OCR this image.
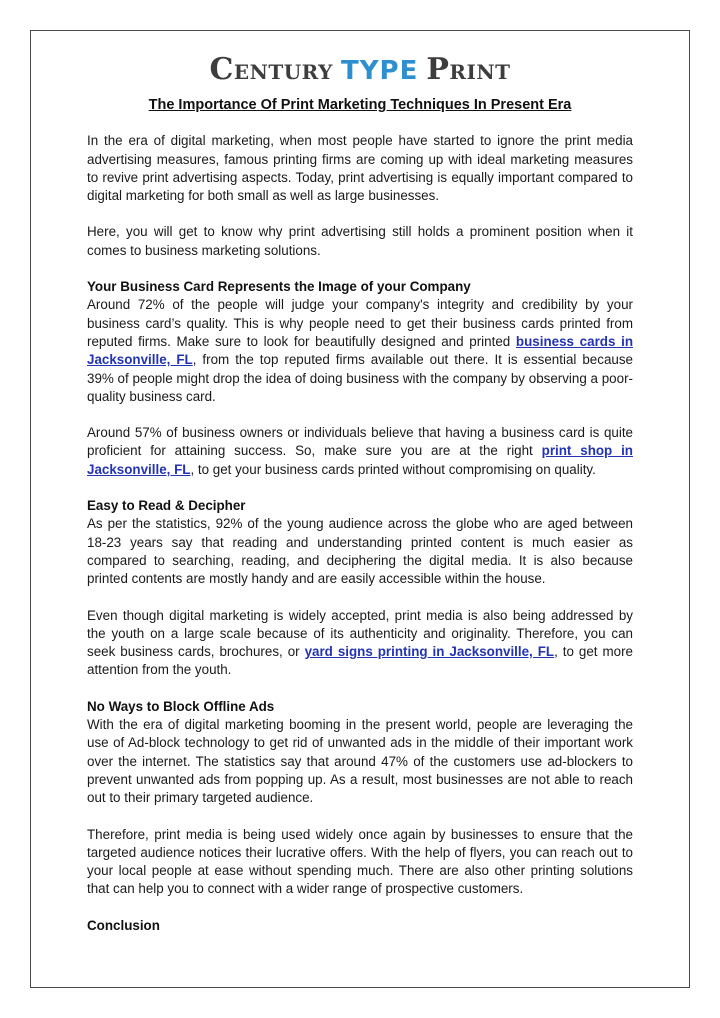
CENTURY TYPE PRINT
The Importance Of Print Marketing Techniques In Present Era

In the era of digital marketing, when most people have started to ignore the print media advertising measures, famous printing firms are coming up with ideal marketing measures to revive print advertising aspects. Today, print advertising is equally important compared to digital marketing for both small as well as large businesses.

Here, you will get to know why print advertising still holds a prominent position when it comes to business marketing solutions.

Your Business Card Represents the Image of your Company
Around 72% of the people will judge your company's integrity and credibility by your business card’s quality. This is why people need to get their business cards printed from reputed firms. Make sure to look for beautifully designed and printed business cards in Jacksonville, FL, from the top reputed firms available out there. It is essential because 39% of people might drop the idea of doing business with the company by observing a poor-quality business card.

Around 57% of business owners or individuals believe that having a business card is quite proficient for attaining success. So, make sure you are at the right print shop in Jacksonville, FL, to get your business cards printed without compromising on quality.

Easy to Read & Decipher
As per the statistics, 92% of the young audience across the globe who are aged between 18-23 years say that reading and understanding printed content is much easier as compared to searching, reading, and deciphering the digital media. It is also because printed contents are mostly handy and are easily accessible within the house.

Even though digital marketing is widely accepted, print media is also being addressed by the youth on a large scale because of its authenticity and originality. Therefore, you can seek business cards, brochures, or yard signs printing in Jacksonville, FL, to get more attention from the youth.

No Ways to Block Offline Ads
With the era of digital marketing booming in the present world, people are leveraging the use of Ad-block technology to get rid of unwanted ads in the middle of their important work over the internet. The statistics say that around 47% of the customers use ad-blockers to prevent unwanted ads from popping up. As a result, most businesses are not able to reach out to their primary targeted audience.

Therefore, print media is being used widely once again by businesses to ensure that the targeted audience notices their lucrative offers. With the help of flyers, you can reach out to your local people at ease without spending much. There are also other printing solutions that can help you to connect with a wider range of prospective customers.

Conclusion
